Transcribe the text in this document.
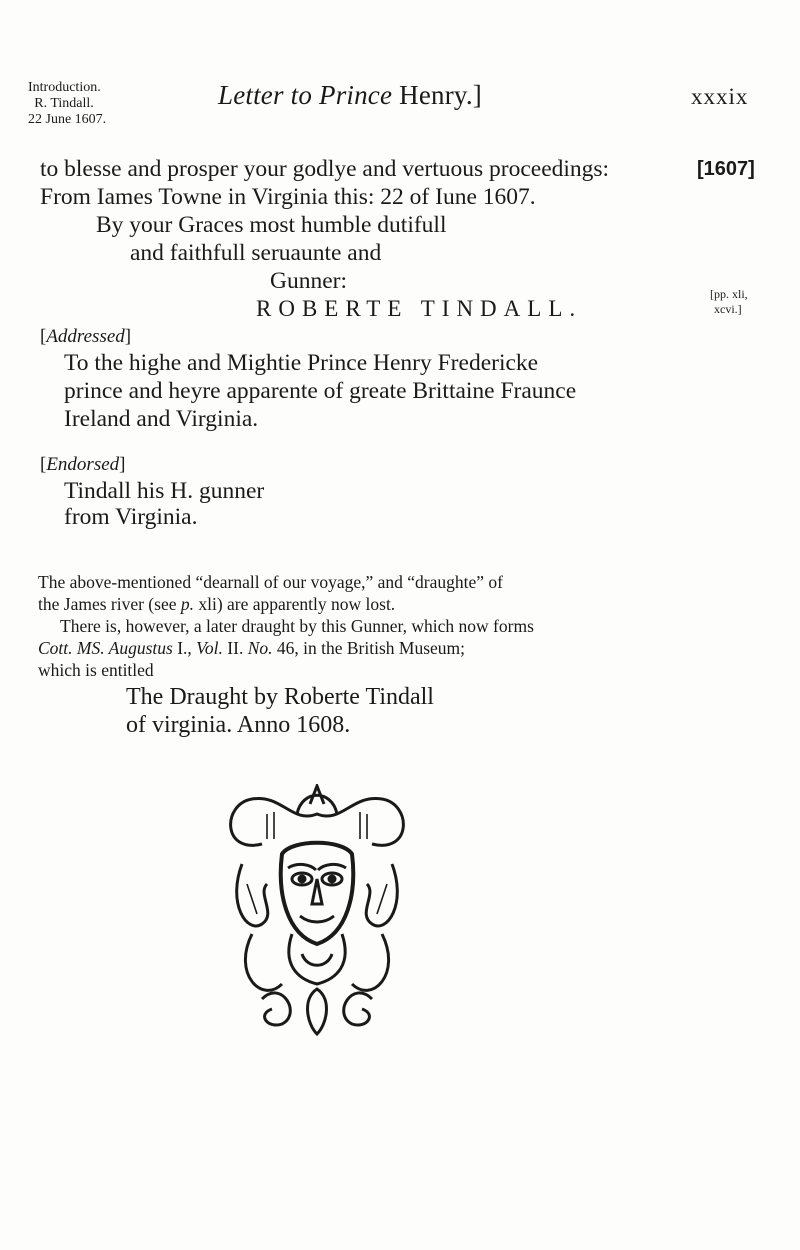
Introduction.
R. Tindall.
22 June 1607.
Letter to Prince Henry.]	xxxix
[1607]
[pp. xli,
xcvi.]
to blesse and prosper your godlye and vertuous proceedings:
From Iames Towne in Virginia this: 22 of Iune 1607.
By your Graces most humble dutifull
and faithfull seruaunte and
Gunner:
ROBERTE TINDALL.
[Addressed]
To the highe and Mightie Prince Henry Fredericke
prince and heyre apparente of greate Brittaine Fraunce
Ireland and Virginia.
[Endorsed]
Tindall his H. gunner
from Virginia.
The above-mentioned “dearnall of our voyage,” and “draughte” of
the James river (see p. xli) are apparently now lost.
There is, however, a later draught by this Gunner, which now forms
Cott. MS. Augustus I., Vol. II. No. 46, in the British Museum;
which is entitled
The Draught by Roberte Tindall
of virginia. Anno 1608.
